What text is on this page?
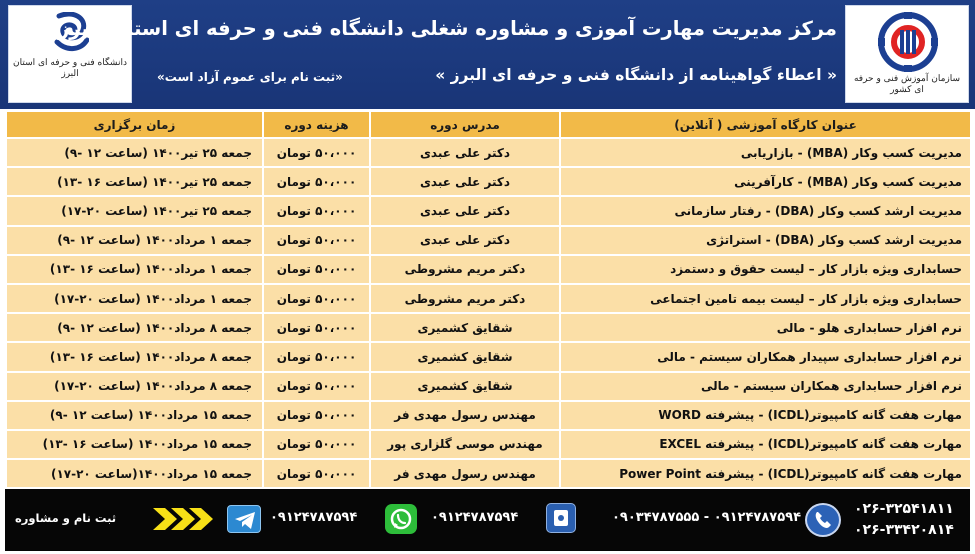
سازمان آموزش فنی و حرفه ای کشور
دانشگاه فنی و حرفه ای استان البرز
مرکز مدیریت مهارت آموزی و مشاوره شغلی دانشگاه فنی و حرفه ای استان البرز
« اعطاء گواهینامه از دانشگاه فنی و حرفه ای البرز »
«ثبت نام برای عموم آزاد است»
عنوان کارگاه آموزشی ( آنلاین)	مدرس دوره	هزینه دوره	زمان برگزاری
مدیریت کسب وکار (MBA) - بازاریابی	دکتر علی عبدی	۵۰،۰۰۰ تومان	جمعه ۲۵ تیر۱۴۰۰ (ساعت ۱۲ -۹)
مدیریت کسب وکار (MBA) - کارآفرینی	دکتر علی عبدی	۵۰،۰۰۰ تومان	جمعه ۲۵ تیر۱۴۰۰ (ساعت ۱۶ -۱۳)
مدیریت ارشد کسب وکار (DBA) - رفتار سازمانی	دکتر علی عبدی	۵۰،۰۰۰ تومان	جمعه ۲۵ تیر۱۴۰۰ (ساعت ۲۰-۱۷)
مدیریت ارشد کسب وکار (DBA) - استراتژی	دکتر علی عبدی	۵۰،۰۰۰ تومان	جمعه ۱ مرداد۱۴۰۰ (ساعت ۱۲ -۹)
حسابداری ویژه بازار کار – لیست حقوق و دستمزد	دکتر مریم مشروطی	۵۰،۰۰۰ تومان	جمعه ۱ مرداد۱۴۰۰ (ساعت ۱۶ -۱۳)
حسابداری ویژه بازار کار – لیست بیمه تامین اجتماعی	دکتر مریم مشروطی	۵۰،۰۰۰ تومان	جمعه ۱ مرداد۱۴۰۰ (ساعت ۲۰-۱۷)
نرم افزار حسابداری هلو - مالی	شقایق کشمیری	۵۰،۰۰۰ تومان	جمعه ۸ مرداد۱۴۰۰ (ساعت ۱۲ -۹)
نرم افزار حسابداری سپیدار همکاران سیستم - مالی	شقایق کشمیری	۵۰،۰۰۰ تومان	جمعه ۸ مرداد۱۴۰۰ (ساعت ۱۶ -۱۳)
نرم افزار حسابداری همکاران سیستم - مالی	شقایق کشمیری	۵۰،۰۰۰ تومان	جمعه ۸ مرداد۱۴۰۰ (ساعت ۲۰-۱۷)
مهارت هفت گانه کامپیوتر(ICDL) - پیشرفته WORD	مهندس رسول مهدی فر	۵۰،۰۰۰ تومان	جمعه ۱۵ مرداد۱۴۰۰ (ساعت ۱۲ -۹)
مهارت هفت گانه کامپیوتر(ICDL) - پیشرفته EXCEL	مهندس موسی گلزاری پور	۵۰،۰۰۰ تومان	جمعه ۱۵ مرداد۱۴۰۰ (ساعت ۱۶ -۱۳)
مهارت هفت گانه کامپیوتر(ICDL) - پیشرفته Power Point	مهندس رسول مهدی فر	۵۰،۰۰۰ تومان	جمعه ۱۵ مرداد۱۴۰۰(ساعت ۲۰-۱۷)
۰۲۶-۳۲۵۴۱۸۱۱
۰۲۶-۳۳۴۲۰۸۱۴
۰۹۰۳۴۷۸۷۵۵۵ - ۰۹۱۲۴۷۸۷۵۹۴
۰۹۱۲۴۷۸۷۵۹۴
۰۹۱۲۴۷۸۷۵۹۴
ثبت نام و مشاوره
